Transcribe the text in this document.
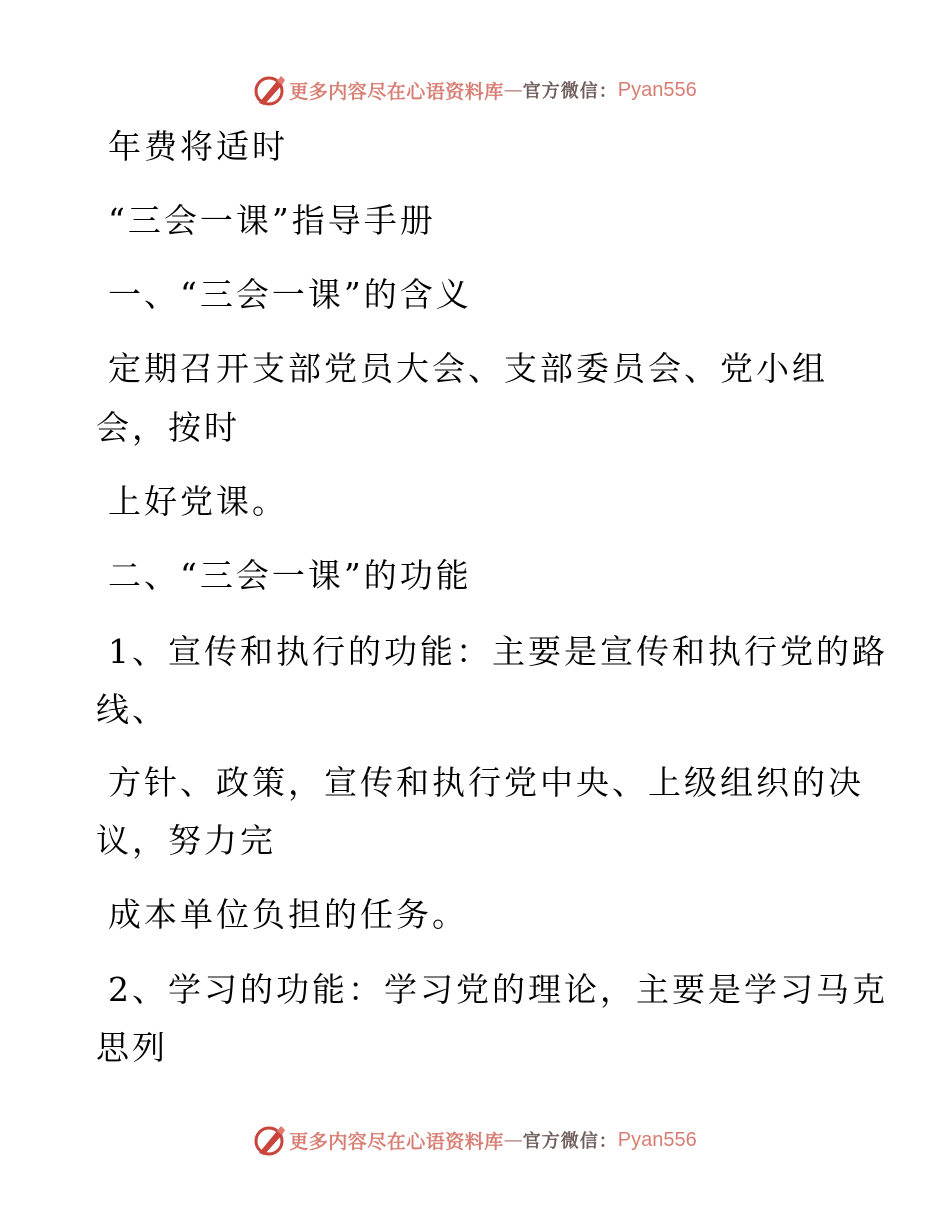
更多内容尽在心语资料库 — 官方微信： Pyan556
年费将适时
“三会一课”指导手册
一、“三会一课”的含义
定期召开支部党员大会、支部委员会、党小组
会，按时
上好党课。
二、“三会一课”的功能
1、宣传和执行的功能：主要是宣传和执行党的路
线、
方针、政策，宣传和执行党中央、上级组织的决
议，努力完
成本单位负担的任务。
2、学习的功能：学习党的理论，主要是学习马克
思列
更多内容尽在心语资料库 — 官方微信： Pyan556
